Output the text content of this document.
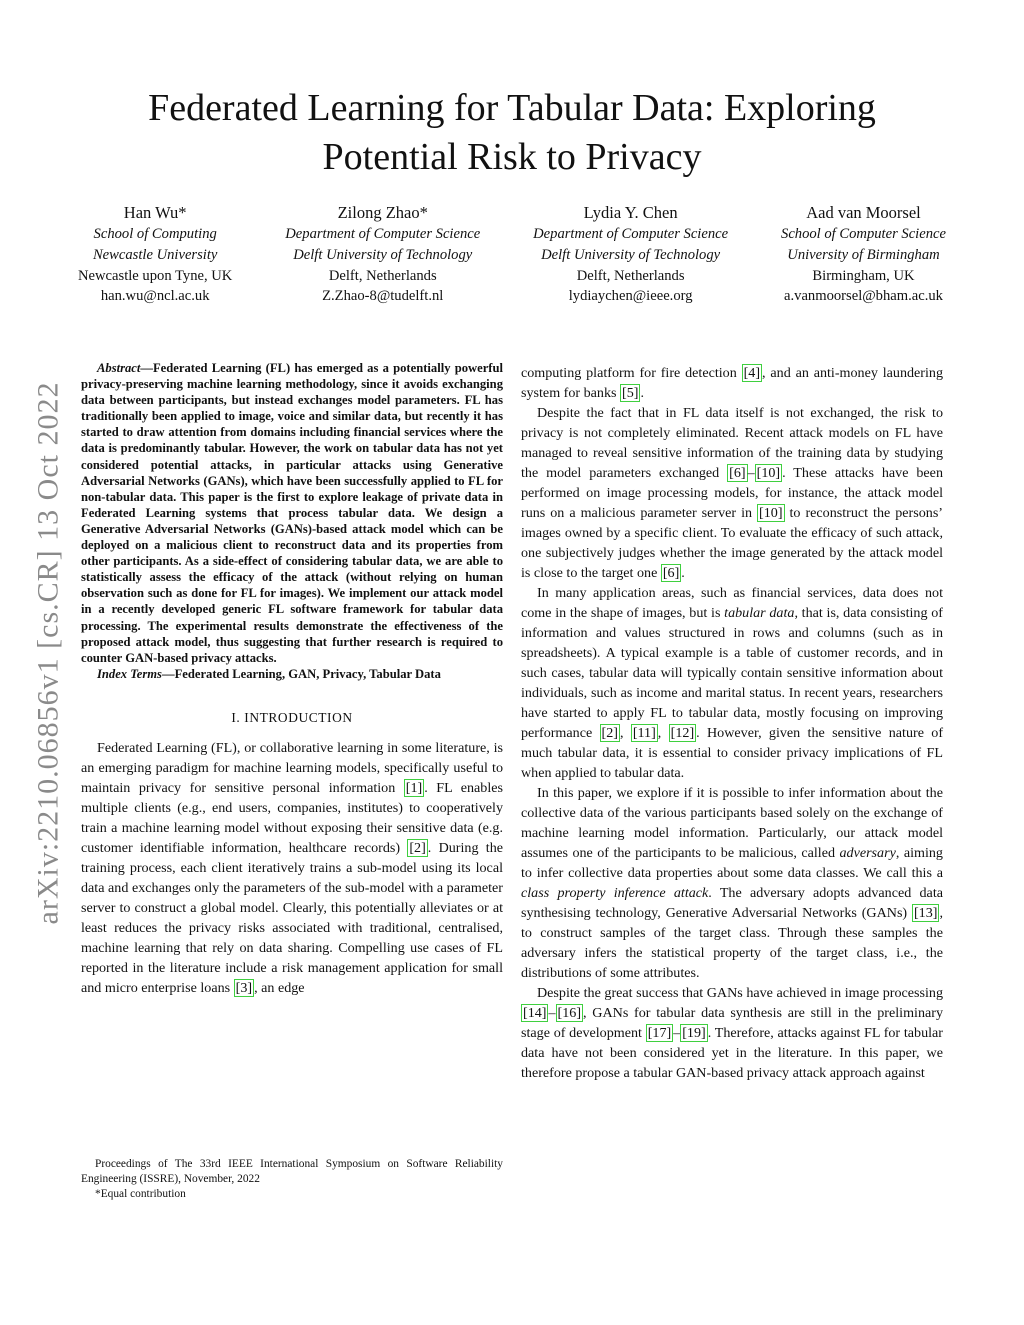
arXiv:2210.06856v1 [cs.CR] 13 Oct 2022
Federated Learning for Tabular Data: Exploring Potential Risk to Privacy
Han Wu*
School of Computing
Newcastle University
Newcastle upon Tyne, UK
han.wu@ncl.ac.uk
Zilong Zhao*
Department of Computer Science
Delft University of Technology
Delft, Netherlands
Z.Zhao-8@tudelft.nl
Lydia Y. Chen
Department of Computer Science
Delft University of Technology
Delft, Netherlands
lydiaychen@ieee.org
Aad van Moorsel
School of Computer Science
University of Birmingham
Birmingham, UK
a.vanmoorsel@bham.ac.uk

Abstract—Federated Learning (FL) has emerged as a potentially powerful privacy-preserving machine learning methodology, since it avoids exchanging data between participants, but instead exchanges model parameters. FL has traditionally been applied to image, voice and similar data, but recently it has started to draw attention from domains including financial services where the data is predominantly tabular. However, the work on tabular data has not yet considered potential attacks, in particular attacks using Generative Adversarial Networks (GANs), which have been successfully applied to FL for non-tabular data. This paper is the first to explore leakage of private data in Federated Learning systems that process tabular data. We design a Generative Adversarial Networks (GANs)-based attack model which can be deployed on a malicious client to reconstruct data and its properties from other participants. As a side-effect of considering tabular data, we are able to statistically assess the efficacy of the attack (without relying on human observation such as done for FL for images). We implement our attack model in a recently developed generic FL software framework for tabular data processing. The experimental results demonstrate the effectiveness of the proposed attack model, thus suggesting that further research is required to counter GAN-based privacy attacks.

Index Terms—Federated Learning, GAN, Privacy, Tabular Data

I. INTRODUCTION

Federated Learning (FL), or collaborative learning in some literature, is an emerging paradigm for machine learning models, specifically useful to maintain privacy for sensitive personal information [1] . FL enables multiple clients (e.g., end users, companies, institutes) to cooperatively train a machine learning model without exposing their sensitive data (e.g. customer identifiable information, healthcare records) [2] . During the training process, each client iteratively trains a sub-model using its local data and exchanges only the parameters of the sub-model with a parameter server to construct a global model. Clearly, this potentially alleviates or at least reduces the privacy risks associated with traditional, centralised, machine learning that rely on data sharing. Compelling use cases of FL reported in the literature include a risk management application for small and micro enterprise loans [3] , an edge

Proceedings of The 33rd IEEE International Symposium on Software Reliability Engineering (ISSRE), November, 2022

*Equal contribution

computing platform for fire detection [4] , and an anti-money laundering system for banks [5] .

Despite the fact that in FL data itself is not exchanged, the risk to privacy is not completely eliminated. Recent attack models on FL have managed to reveal sensitive information of the training data by studying the model parameters exchanged [6] – [10] . These attacks have been performed on image processing models, for instance, the attack model runs on a malicious parameter server in [10] to reconstruct the persons’ images owned by a specific client. To evaluate the efficacy of such attack, one subjectively judges whether the image generated by the attack model is close to the target one [6] .

In many application areas, such as financial services, data does not come in the shape of images, but is tabular data, that is, data consisting of information and values structured in rows and columns (such as in spreadsheets). A typical example is a table of customer records, and in such cases, tabular data will typically contain sensitive information about individuals, such as income and marital status. In recent years, researchers have started to apply FL to tabular data, mostly focusing on improving performance [2] , [11] , [12] . However, given the sensitive nature of much tabular data, it is essential to consider privacy implications of FL when applied to tabular data.

In this paper, we explore if it is possible to infer information about the collective data of the various participants based solely on the exchange of machine learning model information. Particularly, our attack model assumes one of the participants to be malicious, called adversary, aiming to infer collective data properties about some data classes. We call this a class property inference attack. The adversary adopts advanced data synthesising technology, Generative Adversarial Networks (GANs) [13] , to construct samples of the target class. Through these samples the adversary infers the statistical property of the target class, i.e., the distributions of some attributes.

Despite the great success that GANs have achieved in image processing [14] – [16] , GANs for tabular data synthesis are still in the preliminary stage of development [17] – [19] . Therefore, attacks against FL for tabular data have not been considered yet in the literature. In this paper, we therefore propose a tabular GAN-based privacy attack approach against
